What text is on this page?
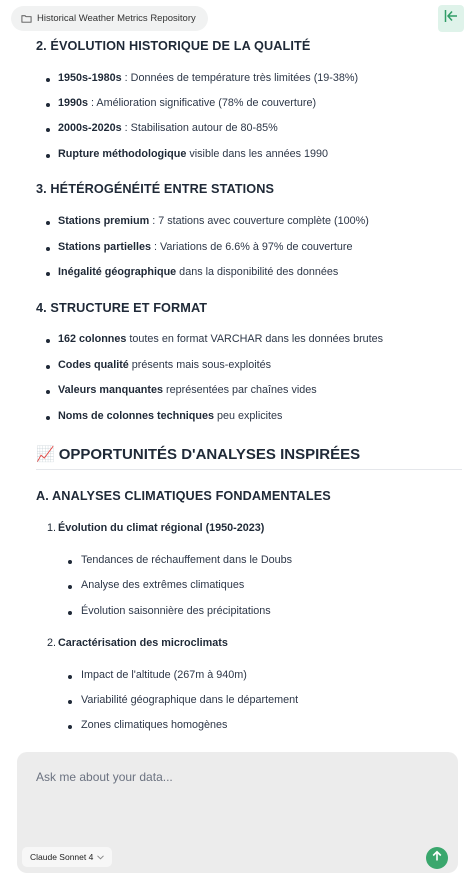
Historical Weather Metrics Repository
2. ÉVOLUTION HISTORIQUE DE LA QUALITÉ
1950s-1980s : Données de température très limitées (19-38%)
1990s : Amélioration significative (78% de couverture)
2000s-2020s : Stabilisation autour de 80-85%
Rupture méthodologique visible dans les années 1990
3. HÉTÉROGÉNÉITÉ ENTRE STATIONS
Stations premium : 7 stations avec couverture complète (100%)
Stations partielles : Variations de 6.6% à 97% de couverture
Inégalité géographique dans la disponibilité des données
4. STRUCTURE ET FORMAT
162 colonnes toutes en format VARCHAR dans les données brutes
Codes qualité présents mais sous-exploités
Valeurs manquantes représentées par chaînes vides
Noms de colonnes techniques peu explicites
📈 OPPORTUNITÉS D'ANALYSES INSPIRÉES
A. ANALYSES CLIMATIQUES FONDAMENTALES
1. Évolution du climat régional (1950-2023)
Tendances de réchauffement dans le Doubs
Analyse des extrêmes climatiques
Évolution saisonnière des précipitations
2. Caractérisation des microclimats
Impact de l'altitude (267m à 940m)
Variabilité géographique dans le département
Zones climatiques homogènes
Ask me about your data...
Claude Sonnet 4
